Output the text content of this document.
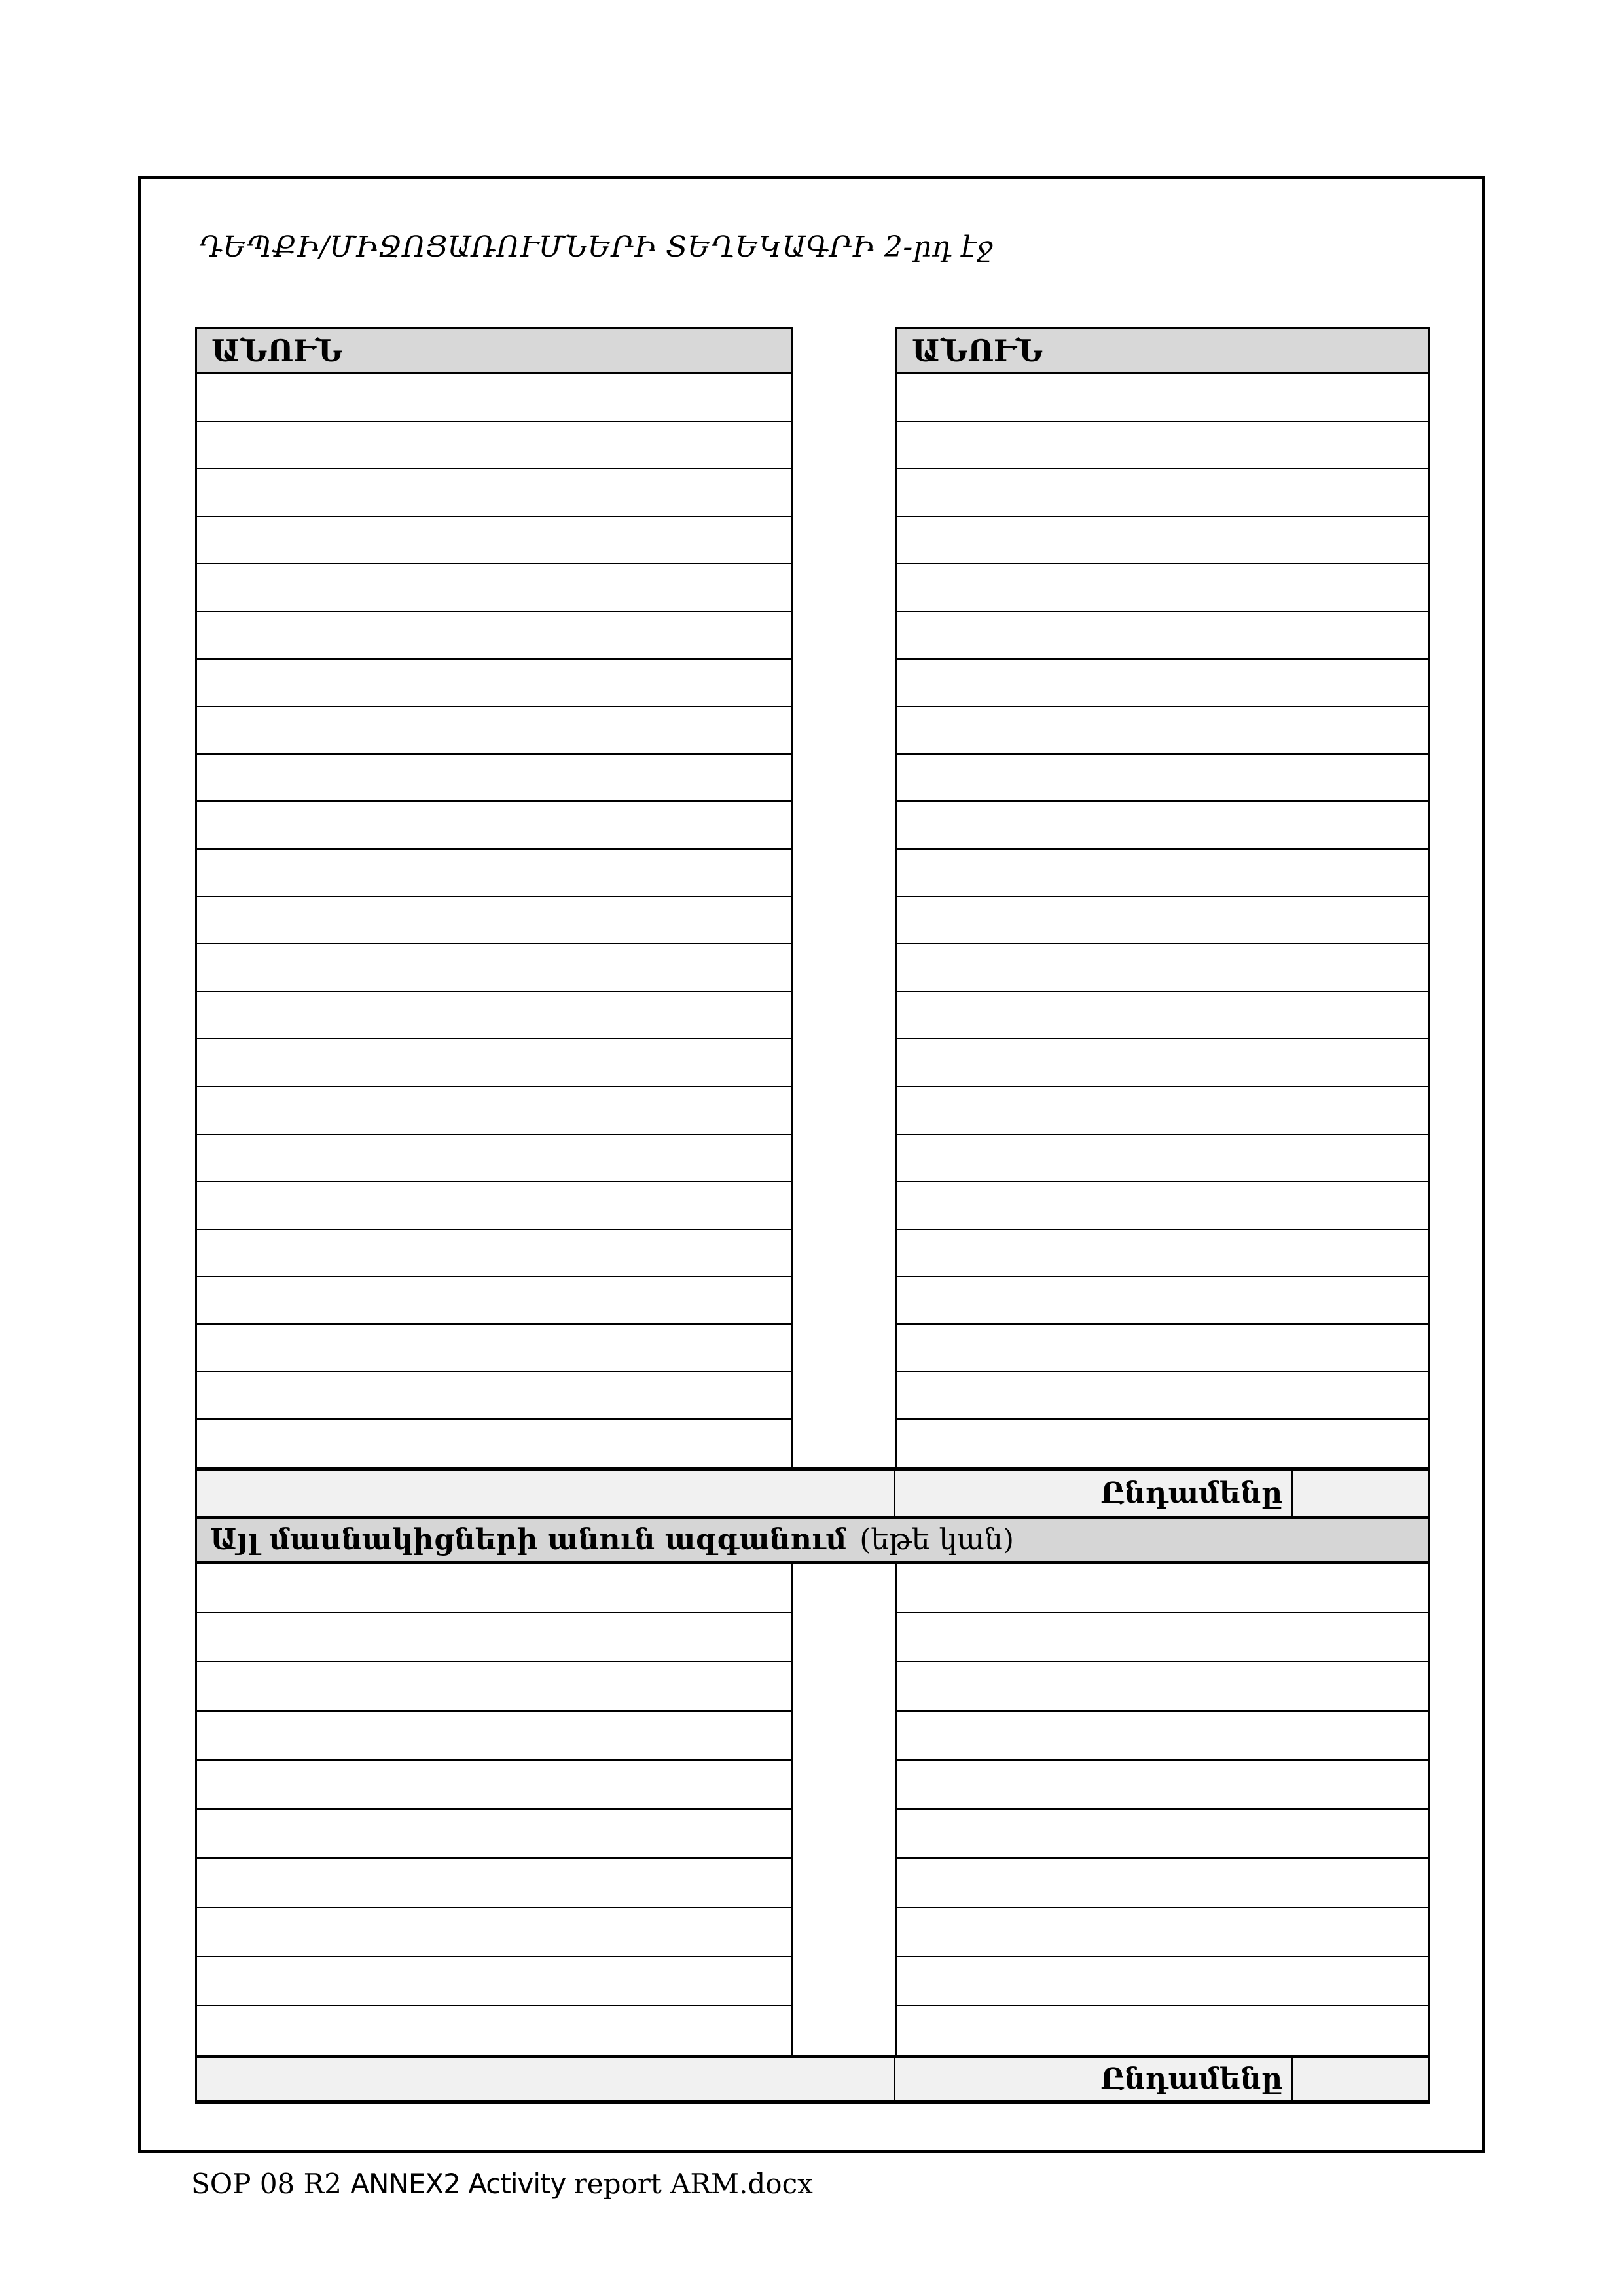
ԴԵՊՔԻ/ՄԻՋՈՑԱՌՈՒՄՆԵՐԻ ՏԵՂԵԿԱԳՐԻ 2-րդ էջ
ԱՆՈՒՆ	ԱՆՈՒՆ
Ընդամենը
Այլ մասնակիցների անուն ազգանում (եթե կան)
Ընդամենը
SOP 08 R2 ANNEX2 Activity report ARM.docx
